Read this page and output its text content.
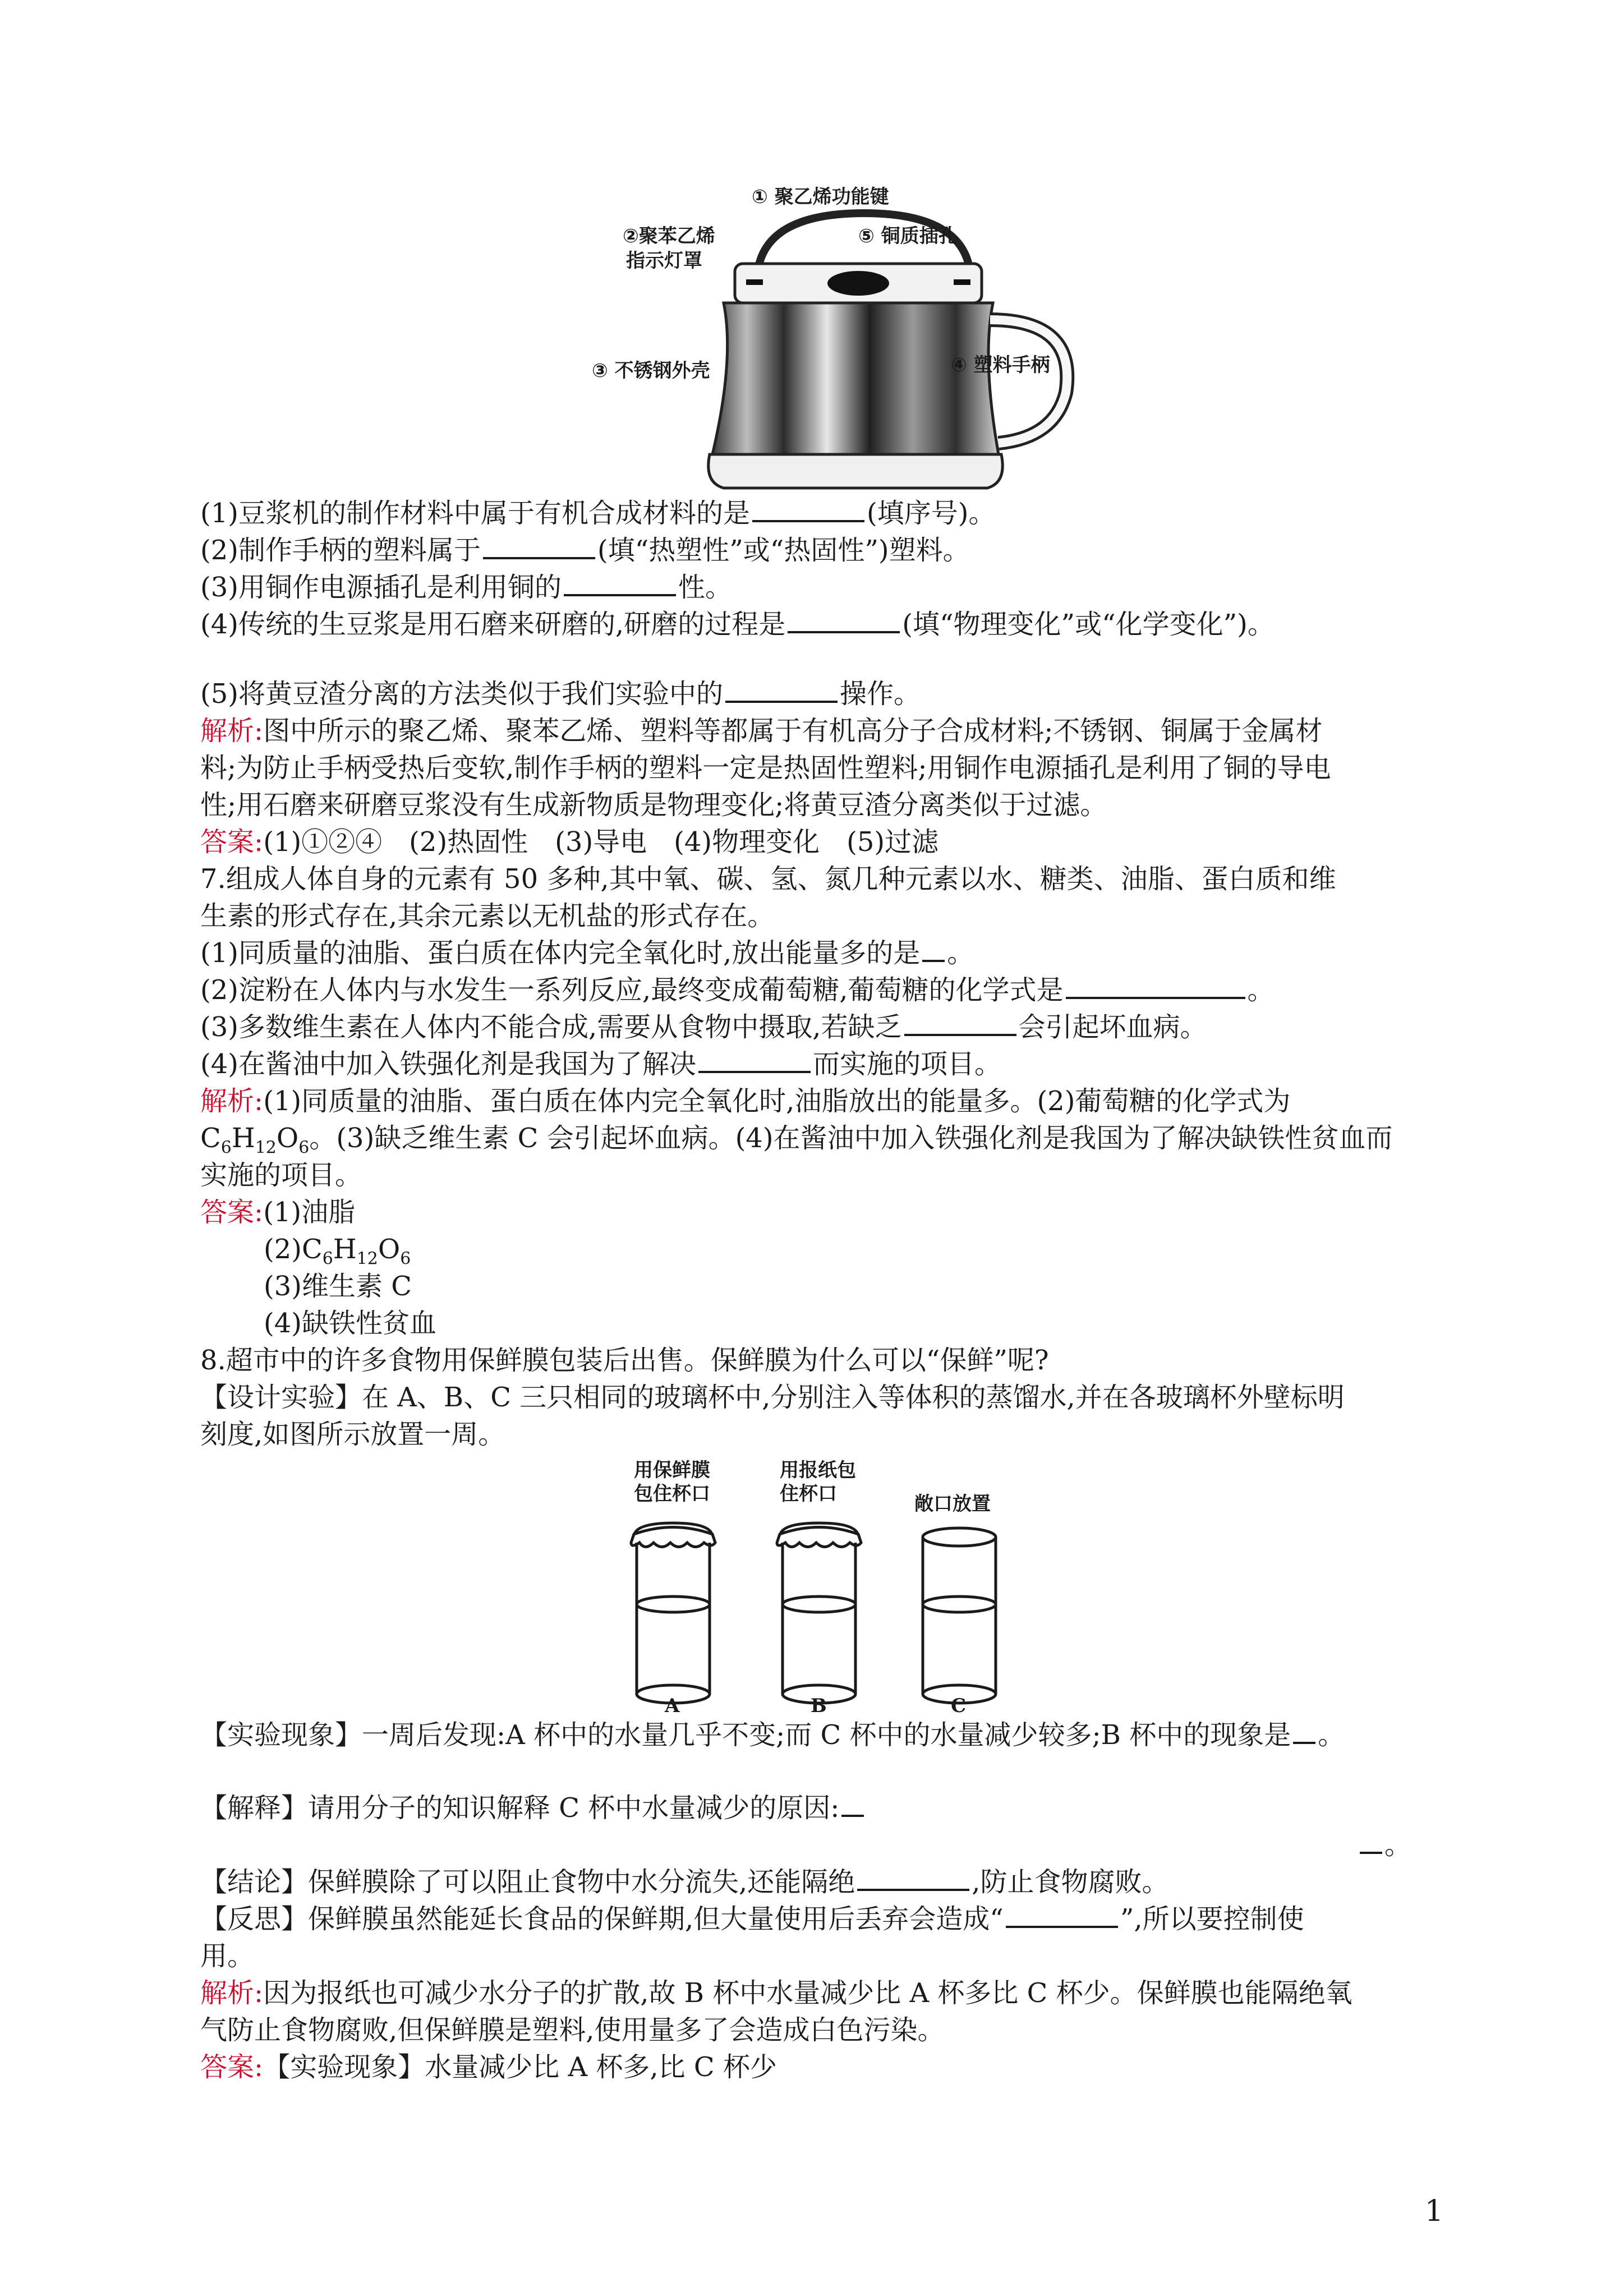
① 聚乙烯功能键
②聚苯乙烯
指示灯罩
⑤ 铜质插孔
③ 不锈钢外壳	④ 塑料手柄
(1)豆浆机的制作材料中属于有机合成材料的是	(填序号)。
(2)制作手柄的塑料属于	(填“热塑性”或“热固性”)塑料。
(3)用铜作电源插孔是利用铜的	性。
(4)传统的生豆浆是用石磨来研磨的,研磨的过程是	(填“物理变化”或“化学变化”)。
(5)将黄豆渣分离的方法类似于我们实验中的	操作。
解析:图中所示的聚乙烯、聚苯乙烯、塑料等都属于有机高分子合成材料;不锈钢、铜属于金属材
料;为防止手柄受热后变软,制作手柄的塑料一定是热固性塑料;用铜作电源插孔是利用了铜的导电
性;用石磨来研磨豆浆没有生成新物质是物理变化;将黄豆渣分离类似于过滤。
答案:(1)①②④　(2)热固性　(3)导电　(4)物理变化　(5)过滤
7.组成人体自身的元素有 50 多种,其中氧、碳、氢、氮几种元素以水、糖类、油脂、蛋白质和维
生素的形式存在,其余元素以无机盐的形式存在。
(1)同质量的油脂、蛋白质在体内完全氧化时,放出能量多的是 。
(2)淀粉在人体内与水发生一系列反应,最终变成葡萄糖,葡萄糖的化学式是	。
(3)多数维生素在人体内不能合成,需要从食物中摄取,若缺乏	会引起坏血病。
(4)在酱油中加入铁强化剂是我国为了解决	而实施的项目。
解析:(1)同质量的油脂、蛋白质在体内完全氧化时,油脂放出的能量多。(2)葡萄糖的化学式为
$C_6H_{12}O_6$。(3)缺乏维生素 C 会引起坏血病。(4)在酱油中加入铁强化剂是我国为了解决缺铁性贫血而
实施的项目。
答案:(1)油脂
$(2)C_6H_{12}O_6$
(3)维生素 C
(4)缺铁性贫血
8.超市中的许多食物用保鲜膜包装后出售。保鲜膜为什么可以“保鲜”呢?
【设计实验】在 A、B、C 三只相同的玻璃杯中,分别注入等体积的蒸馏水,并在各玻璃杯外壁标明
刻度,如图所示放置一周。
用保鲜膜
包住杯口
用报纸包
住杯口	敞口放置
A	B	C
【实验现象】一周后发现:A 杯中的水量几乎不变;而 C 杯中的水量减少较多;B 杯中的现象是 。
【解释】请用分子的知识解释 C 杯中水量减少的原因:
。
【结论】保鲜膜除了可以阻止食物中水分流失,还能隔绝	,防止食物腐败。
【反思】保鲜膜虽然能延长食品的保鲜期,但大量使用后丢弃会造成“	”,所以要控制使
用。
解析:因为报纸也可减少水分子的扩散,故 B 杯中水量减少比 A 杯多比 C 杯少。保鲜膜也能隔绝氧
气防止食物腐败,但保鲜膜是塑料,使用量多了会造成白色污染。
答案:【实验现象】水量减少比 A 杯多,比 C 杯少
1
